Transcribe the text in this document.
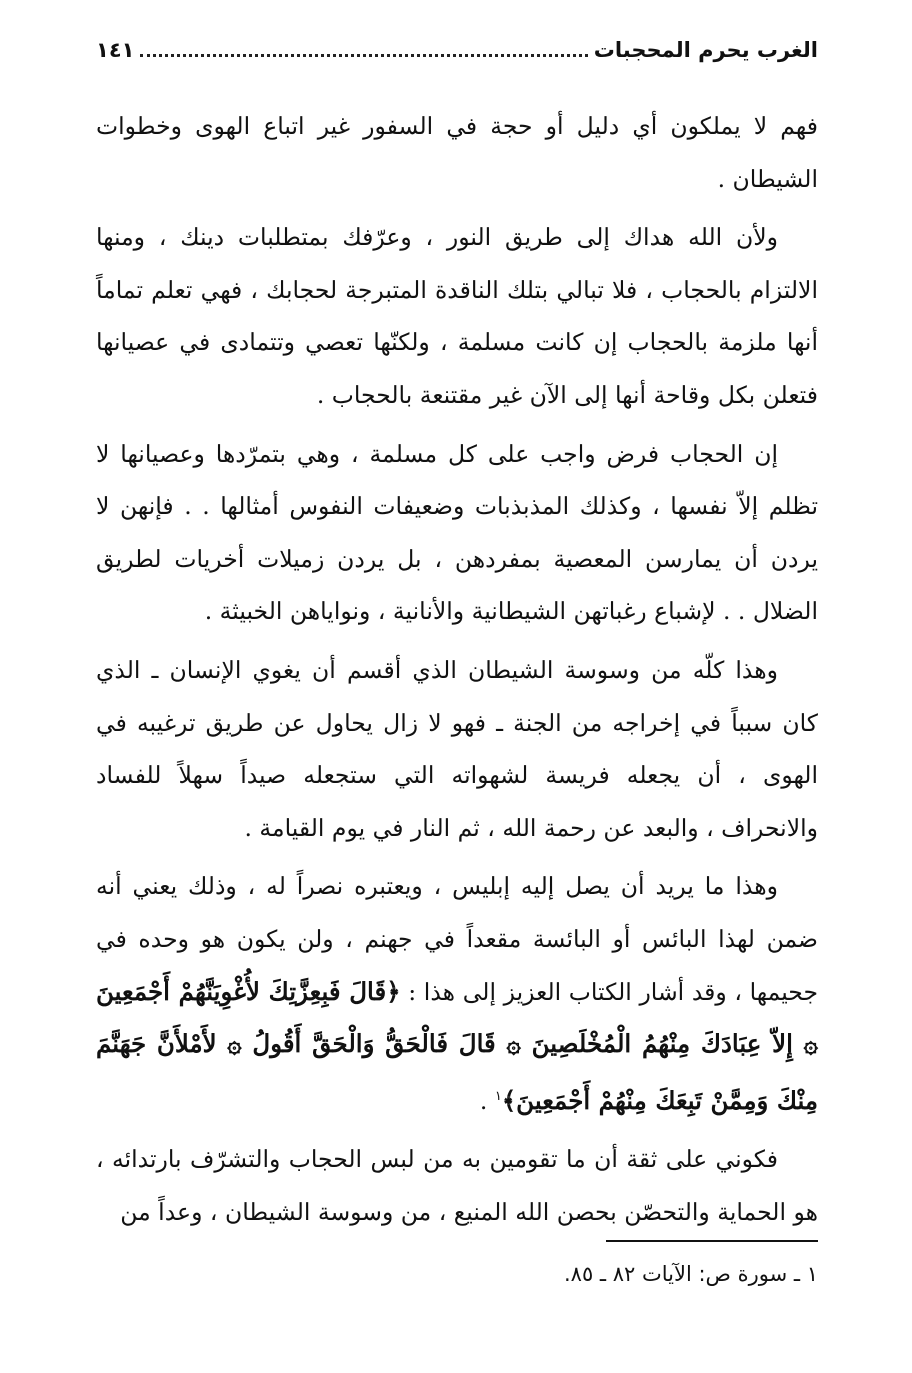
الغرب يحرم المحجبات
١٤١

فهم لا يملكون أي دليل أو حجة في السفور غير اتباع الهوى وخطوات الشيطان .

ولأن الله هداك إلى طريق النور ، وعرّفك بمتطلبات دينك ، ومنها الالتزام بالحجاب ، فلا تبالي بتلك الناقدة المتبرجة لحجابك ، فهي تعلم تماماً أنها ملزمة بالحجاب إن كانت مسلمة ، ولكنّها تعصي وتتمادى في عصيانها فتعلن بكل وقاحة أنها إلى الآن غير مقتنعة بالحجاب .

إن الحجاب فرض واجب على كل مسلمة ، وهي بتمرّدها وعصيانها لا تظلم إلاّ نفسها ، وكذلك المذبذبات وضعيفات النفوس أمثالها . . فإنهن لا يردن أن يمارسن المعصية بمفردهن ، بل يردن زميلات أخريات لطريق الضلال . . لإشباع رغباتهن الشيطانية والأنانية ، ونواياهن الخبيثة .

وهذا كلّه من وسوسة الشيطان الذي أقسم أن يغوي الإنسان ـ الذي كان سبباً في إخراجه من الجنة ـ فهو لا زال يحاول عن طريق ترغيبه في الهوى ، أن يجعله فريسة لشهواته التي ستجعله صيداً سهلاً للفساد والانحراف ، والبعد عن رحمة الله ، ثم النار في يوم القيامة .

وهذا ما يريد أن يصل إليه إبليس ، ويعتبره نصراً له ، وذلك يعني أنه ضمن لهذا البائس أو البائسة مقعداً في جهنم ، ولن يكون هو وحده في جحيمها ، وقد أشار الكتاب العزيز إلى هذا : ﴿قَالَ فَبِعِزَّتِكَ لأُغْوِيَنَّهُمْ أَجْمَعِينَ ۞ إِلاّ عِبَادَكَ مِنْهُمُ الْمُخْلَصِينَ ۞ قَالَ فَالْحَقُّ وَالْحَقَّ أَقُولُ ۞ لأَمْلأَنَّ جَهَنَّمَ مِنْكَ وَمِمَّنْ تَبِعَكَ مِنْهُمْ أَجْمَعِينَ﴾$^١$ .

فكوني على ثقة أن ما تقومين به من لبس الحجاب والتشرّف بارتدائه ، هو الحماية والتحصّن بحصن الله المنيع ، من وسوسة الشيطان ، وعداً من

١ ـ سورة ص: الآيات ٨٢ ـ ٨٥.
